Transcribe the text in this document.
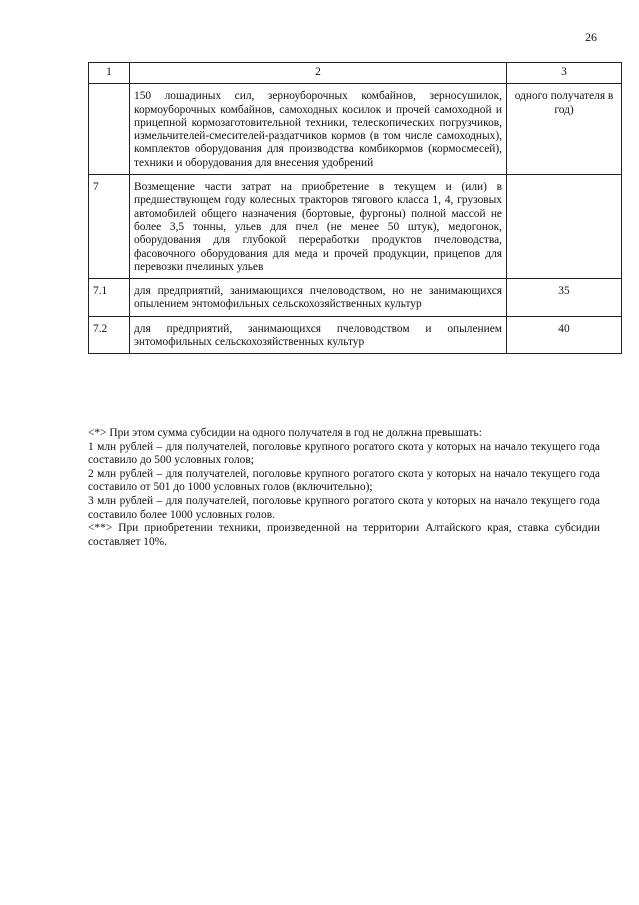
26
1	2	3
	150 лошадиных сил, зерноуборочных комбайнов, зерносушилок, кормоуборочных комбайнов, самоходных косилок и прочей самоходной и прицепной кормозаготовительной техники, телескопических погрузчиков, измельчителей-смесителей-раздатчиков кормов (в том числе самоходных), комплектов оборудования для производства комбикормов (кормосмесей), техники и оборудования для внесения удобрений	одного получателя в год)
7	Возмещение части затрат на приобретение в текущем и (или) в предшествующем году колесных тракторов тягового класса 1, 4, грузовых автомобилей общего назначения (бортовые, фургоны) полной массой не более 3,5 тонны, ульев для пчел (не менее 50 штук), медогонок, оборудования для глубокой переработки продуктов пчеловодства, фасовочного оборудования для меда и прочей продукции, прицепов для перевозки пчелиных ульев	
7.1	для предприятий, занимающихся пчеловодством, но не занимающихся опылением энтомофильных сельскохозяйственных культур	35
7.2	для предприятий, занимающихся пчеловодством и опылением энтомофильных сельскохозяйственных культур	40

<*> При этом сумма субсидии на одного получателя в год не должна превышать:

1 млн рублей – для получателей, поголовье крупного рогатого скота у которых на начало текущего года составило до 500 условных голов;

2 млн рублей – для получателей, поголовье крупного рогатого скота у которых на начало текущего года составило от 501 до 1000 условных голов (включительно);

3 млн рублей – для получателей, поголовье крупного рогатого скота у которых на начало текущего года составило более 1000 условных голов.

<**> При приобретении техники, произведенной на территории Алтайского края, ставка субсидии составляет 10%.
